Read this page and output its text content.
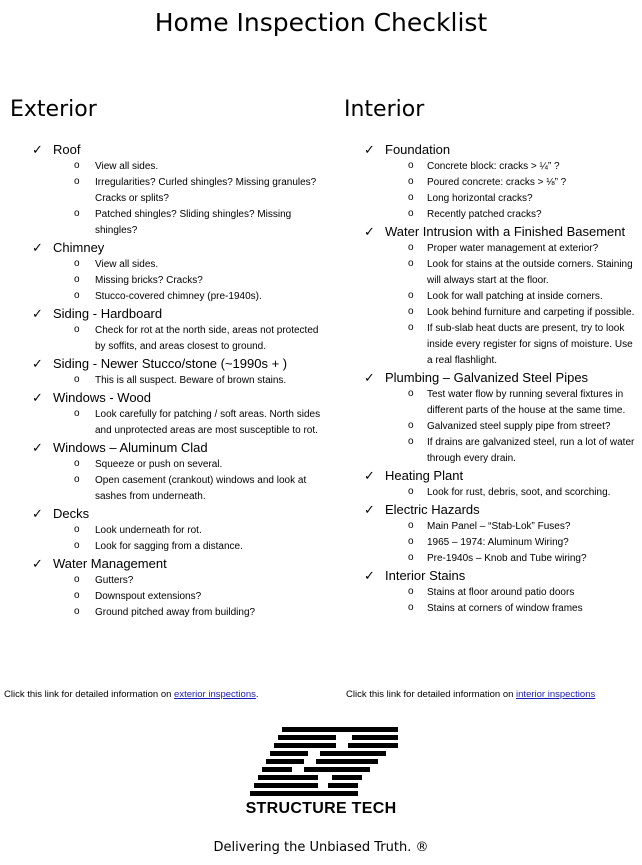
Home Inspection Checklist
Exterior
✓ Roof
o View all sides.
o Irregularities? Curled shingles? Missing granules? Cracks or splits?
o Patched shingles? Sliding shingles? Missing shingles?
✓ Chimney
o View all sides.
o Missing bricks? Cracks?
o Stucco-covered chimney (pre-1940s).
✓ Siding - Hardboard
o Check for rot at the north side, areas not protected by soffits, and areas closest to ground.
✓ Siding - Newer Stucco/stone (~1990s + )
o This is all suspect. Beware of brown stains.
✓ Windows - Wood
o Look carefully for patching / soft areas. North sides and unprotected areas are most susceptible to rot.
✓ Windows – Aluminum Clad
o Squeeze or push on several.
o Open casement (crankout) windows and look at sashes from underneath.
✓ Decks
o Look underneath for rot.
o Look for sagging from a distance.
✓ Water Management
o Gutters?
o Downspout extensions?
o Ground pitched away from building?
Interior
✓ Foundation
o Concrete block: cracks > ¼” ?
o Poured concrete: cracks > ⅛” ?
o Long horizontal cracks?
o Recently patched cracks?
✓ Water Intrusion with a Finished Basement
o Proper water management at exterior?
o Look for stains at the outside corners. Staining will always start at the floor.
o Look for wall patching at inside corners.
o Look behind furniture and carpeting if possible.
o If sub-slab heat ducts are present, try to look inside every register for signs of moisture. Use a real flashlight.
✓ Plumbing – Galvanized Steel Pipes
o Test water flow by running several fixtures in different parts of the house at the same time.
o Galvanized steel supply pipe from street?
o If drains are galvanized steel, run a lot of water through every drain.
✓ Heating Plant
o Look for rust, debris, soot, and scorching.
✓ Electric Hazards
o Main Panel – “Stab-Lok” Fuses?
o 1965 – 1974: Aluminum Wiring?
o Pre-1940s – Knob and Tube wiring?
✓ Interior Stains
o Stains at floor around patio doors
o Stains at corners of window frames
Click this link for detailed information on exterior inspections.	Click this link for detailed information on interior inspections
STRUCTURE TECH
Delivering the Unbiased Truth. ®
